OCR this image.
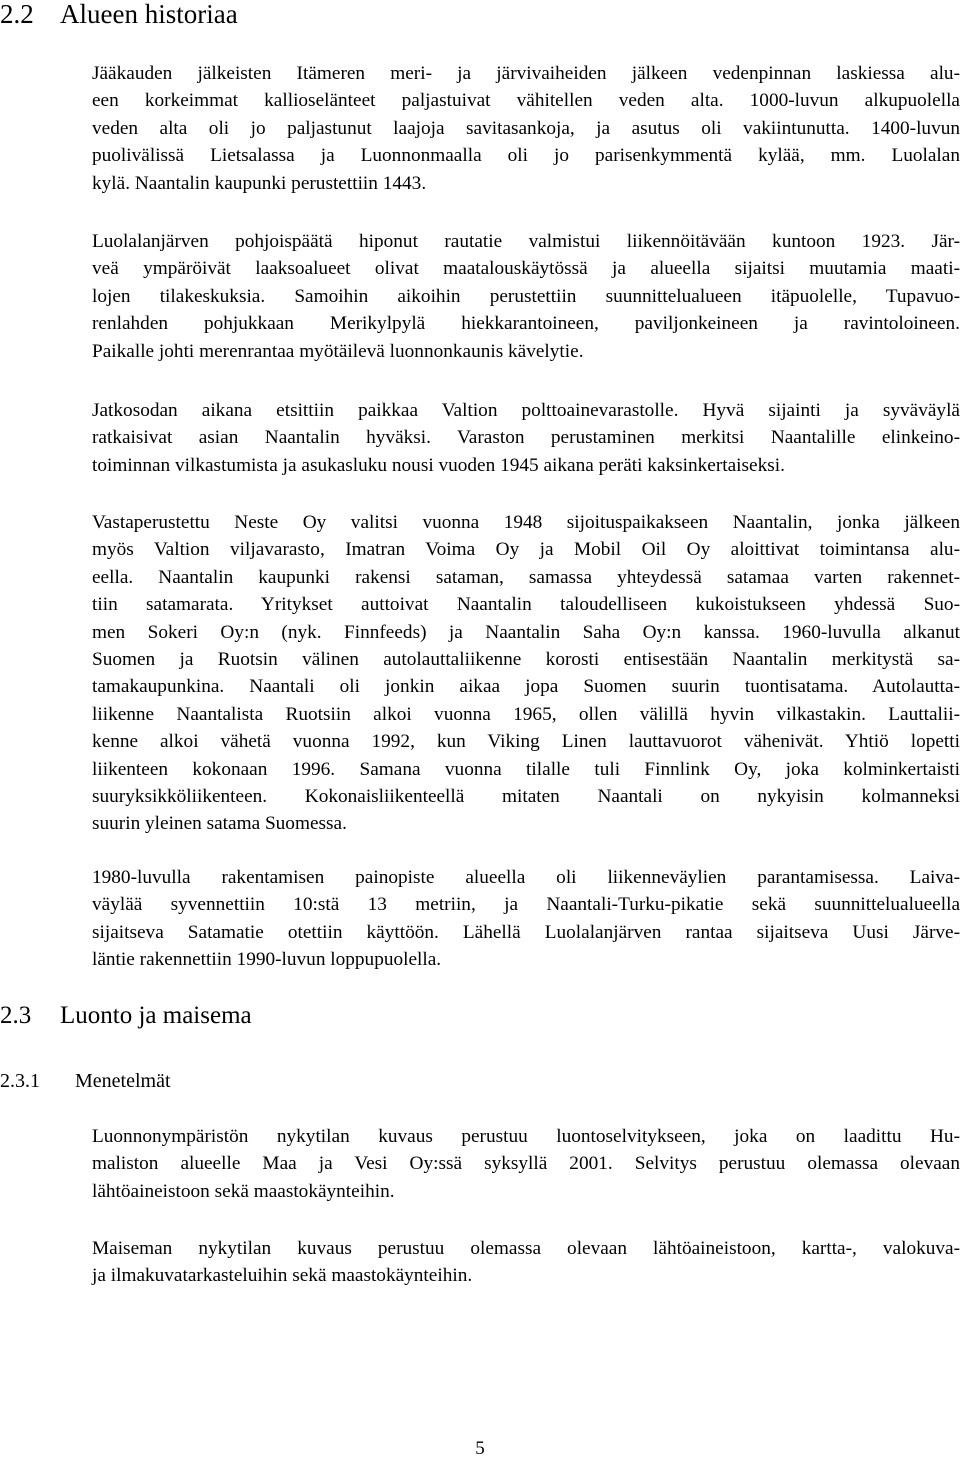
2.2 Alueen historiaa
Jääkauden jälkeisten Itämeren meri- ja järvivaiheiden jälkeen vedenpinnan laskiessa alu-
een korkeimmat kallioselänteet paljastuivat vähitellen veden alta. 1000-luvun alkupuolella
veden alta oli jo paljastunut laajoja savitasankoja, ja asutus oli vakiintunutta. 1400-luvun
puolivälissä Lietsalassa ja Luonnonmaalla oli jo parisenkymmentä kylää, mm. Luolalan
kylä. Naantalin kaupunki perustettiin 1443.
Luolalanjärven pohjoispäätä hiponut rautatie valmistui liikennöitävään kuntoon 1923. Jär-
veä ympäröivät laaksoalueet olivat maatalouskäytössä ja alueella sijaitsi muutamia maati-
lojen tilakeskuksia. Samoihin aikoihin perustettiin suunnittelualueen itäpuolelle, Tupavuo-
renlahden pohjukkaan Merikylpylä hiekkarantoineen, paviljonkeineen ja ravintoloineen.
Paikalle johti merenrantaa myötäilevä luonnonkaunis kävelytie.
Jatkosodan aikana etsittiin paikkaa Valtion polttoainevarastolle. Hyvä sijainti ja syväväylä
ratkaisivat asian Naantalin hyväksi. Varaston perustaminen merkitsi Naantalille elinkeino-
toiminnan vilkastumista ja asukasluku nousi vuoden 1945 aikana peräti kaksinkertaiseksi.
Vastaperustettu Neste Oy valitsi vuonna 1948 sijoituspaikakseen Naantalin, jonka jälkeen
myös Valtion viljavarasto, Imatran Voima Oy ja Mobil Oil Oy aloittivat toimintansa alu-
eella. Naantalin kaupunki rakensi sataman, samassa yhteydessä satamaa varten rakennet-
tiin satamarata. Yritykset auttoivat Naantalin taloudelliseen kukoistukseen yhdessä Suo-
men Sokeri Oy:n (nyk. Finnfeeds) ja Naantalin Saha Oy:n kanssa. 1960-luvulla alkanut
Suomen ja Ruotsin välinen autolauttaliikenne korosti entisestään Naantalin merkitystä sa-
tamakaupunkina. Naantali oli jonkin aikaa jopa Suomen suurin tuontisatama. Autolautta-
liikenne Naantalista Ruotsiin alkoi vuonna 1965, ollen välillä hyvin vilkastakin. Lauttalii-
kenne alkoi vähetä vuonna 1992, kun Viking Linen lauttavuorot vähenivät. Yhtiö lopetti
liikenteen kokonaan 1996. Samana vuonna tilalle tuli Finnlink Oy, joka kolminkertaisti
suuryksikköliikenteen. Kokonaisliikenteellä mitaten Naantali on nykyisin kolmanneksi
suurin yleinen satama Suomessa.
1980-luvulla rakentamisen painopiste alueella oli liikenneväylien parantamisessa. Laiva-
väylää syvennettiin 10:stä 13 metriin, ja Naantali-Turku-pikatie sekä suunnittelualueella
sijaitseva Satamatie otettiin käyttöön. Lähellä Luolalanjärven rantaa sijaitseva Uusi Järve-
läntie rakennettiin 1990-luvun loppupuolella.
2.3 Luonto ja maisema
2.3.1 Menetelmät
Luonnonympäristön nykytilan kuvaus perustuu luontoselvitykseen, joka on laadittu Hu-
maliston alueelle Maa ja Vesi Oy:ssä syksyllä 2001. Selvitys perustuu olemassa olevaan
lähtöaineistoon sekä maastokäynteihin.
Maiseman nykytilan kuvaus perustuu olemassa olevaan lähtöaineistoon, kartta-, valokuva-
ja ilmakuvatarkasteluihin sekä maastokäynteihin.
5
